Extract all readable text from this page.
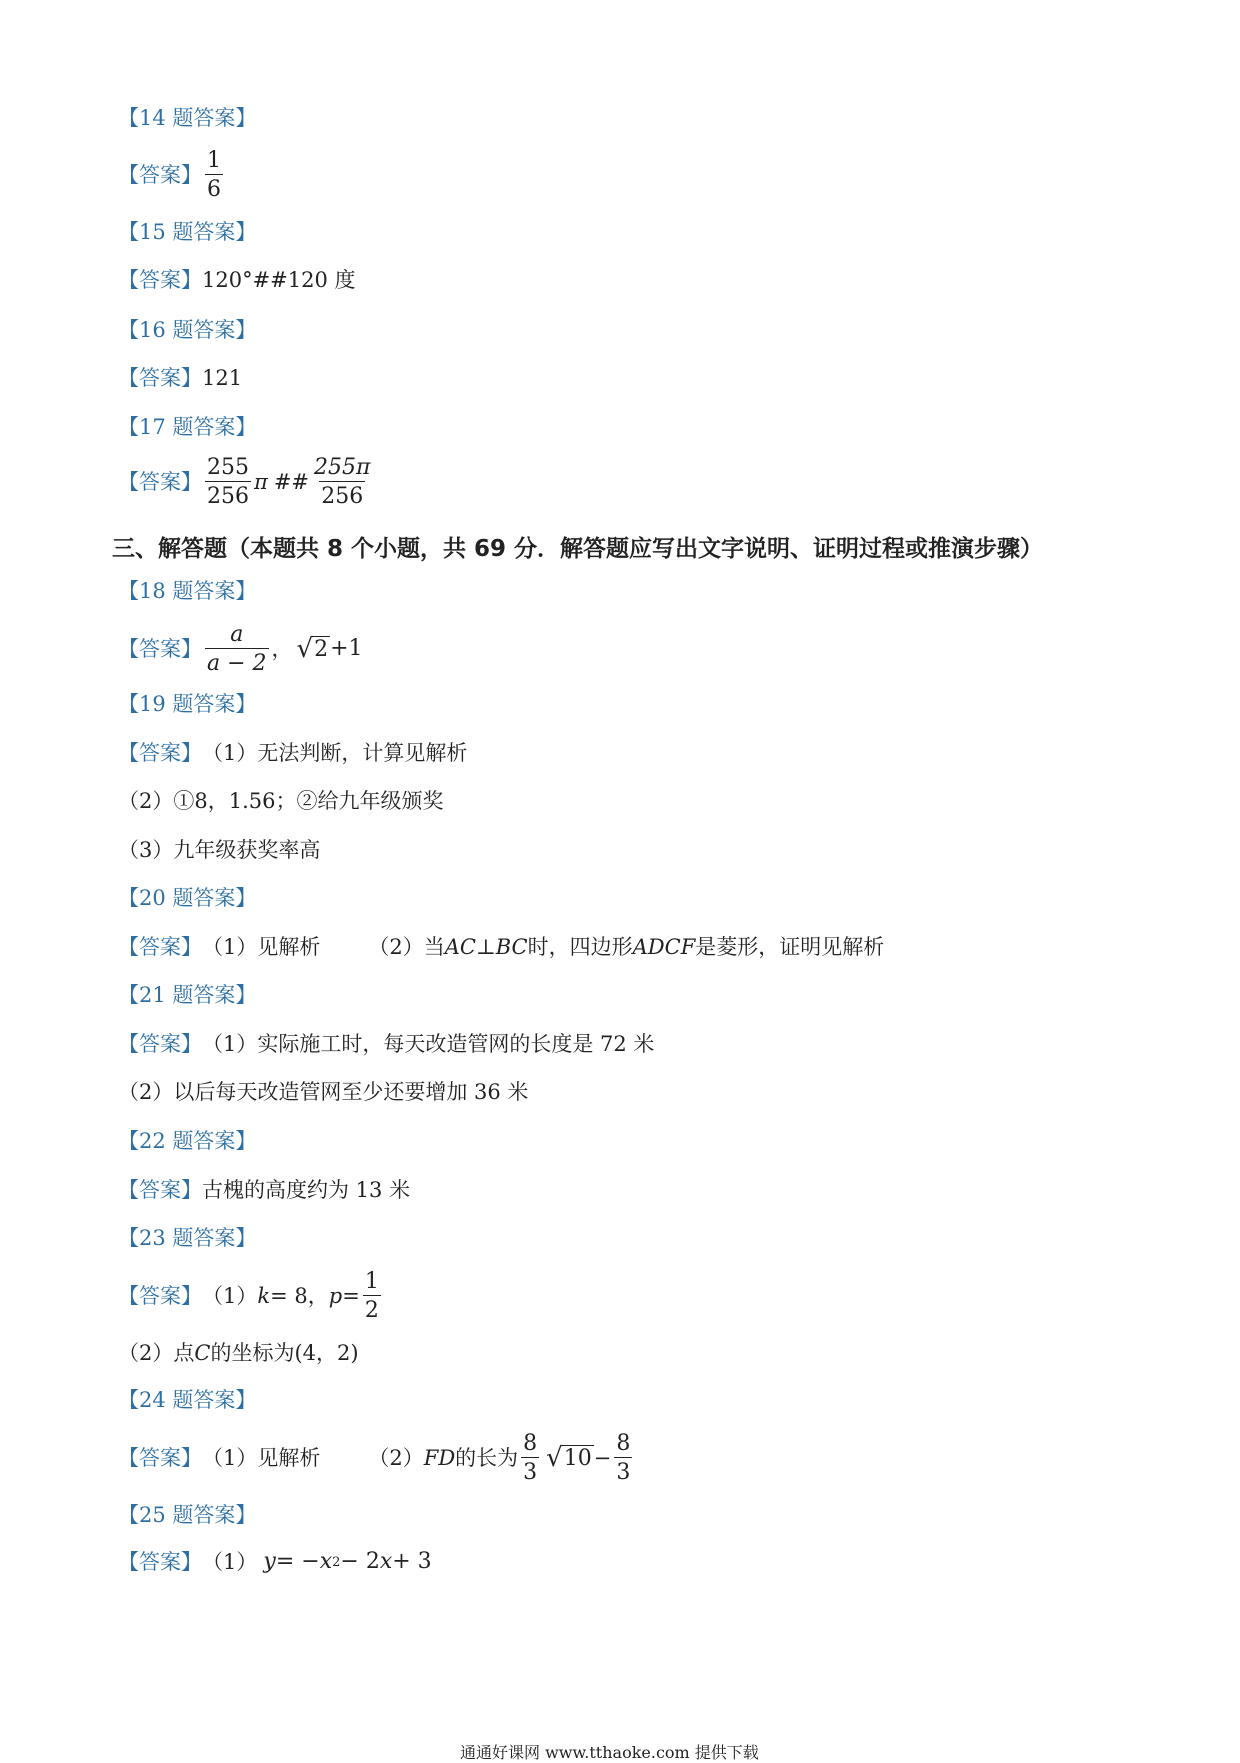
【14 题答案】
【答案】 $\frac{1}{6}$
【15 题答案】
【答案】 120°##120 度
【16 题答案】
【答案】 121
【17 题答案】
【答案】 $\frac{255}{256}$ π ## $\frac{255\pi}{256}$
三、解答题（本题共 8 个小题，共 69 分．解答题应写出文字说明、证明过程或推演步骤）
【18 题答案】
【答案】 $\frac{a}{a - 2}$ ， √ 2 +1
【19 题答案】
【答案】 （1）无法判断，计算见解析
（2）①8，1.56；②给九年级颁奖
（3）九年级获奖率高
【20 题答案】
【答案】 （1）见解析 （2）当 AC ⊥ BC 时，四边形 ADCF 是菱形，证明见解析
【21 题答案】
【答案】 （1）实际施工时，每天改造管网的长度是 72 米
（2）以后每天改造管网至少还要增加 36 米
【22 题答案】
【答案】 古槐的高度约为 13 米
【23 题答案】
【答案】 （1） k = 8， $p = \frac{1}{2}$
（2）点 C 的坐标为(4，2)
【24 题答案】
【答案】 （1）见解析 （2） FD 的长为 $\frac{8}{3}$ √ $10 - \frac{8}{3}$
【25 题答案】
【答案】 （1） y = − x 2 − 2 x + 3
通通好课网 www.tthaoke.com 提供下载
